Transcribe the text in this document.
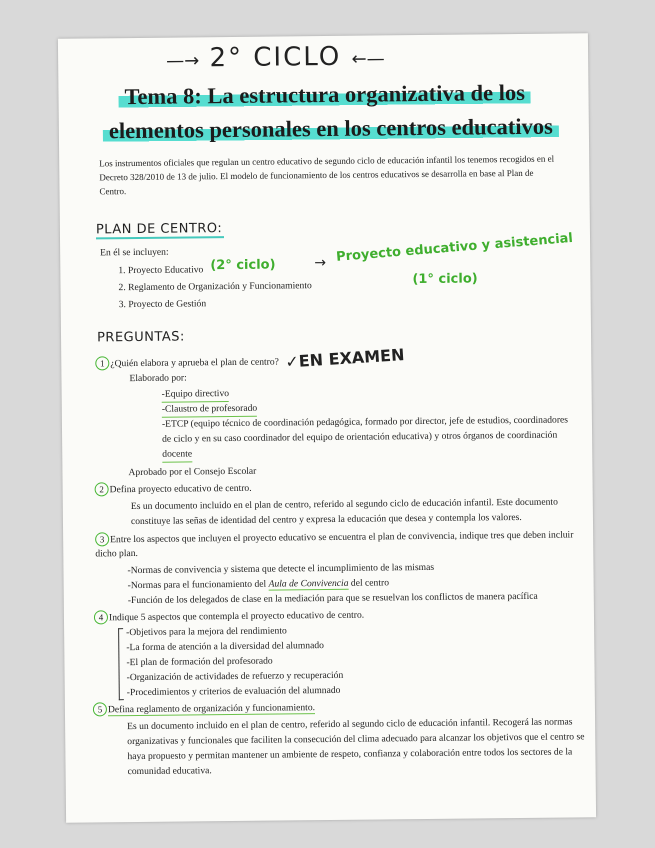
—→ 2° CICLO ←—
Tema 8: La estructura organizativa de los
elementos personales en los centros educativos
Los instrumentos oficiales que regulan un centro educativo de segundo ciclo de educación infantil los tenemos recogidos en el
Decreto 328/2010 de 13 de julio. El modelo de funcionamiento de los centros educativos se desarrolla en base al Plan de
Centro.
PLAN DE CENTRO:
En él se incluyen:
1. Proyecto Educativo
2. Reglamento de Organización y Funcionamiento
3. Proyecto de Gestión
(2° ciclo)	→ Proyecto educativo y asistencial
(1° ciclo)
PREGUNTAS:
1 ¿Quién elabora y aprueba el plan de centro? ✓EN EXAMEN
Elaborado por:
-Equipo directivo
-Claustro de profesorado
-ETCP (equipo técnico de coordinación pedagógica, formado por director, jefe de estudios, coordinadores
de ciclo y en su caso coordinador del equipo de orientación educativa) y otros órganos de coordinación
docente
Aprobado por el Consejo Escolar
2 Defina proyecto educativo de centro.
Es un documento incluido en el plan de centro, referido al segundo ciclo de educación infantil. Este documento
constituye las señas de identidad del centro y expresa la educación que desea y contempla los valores.
3 Entre los aspectos que incluyen el proyecto educativo se encuentra el plan de convivencia, indique tres que deben incluir
dicho plan.
-Normas de convivencia y sistema que detecte el incumplimiento de las mismas
-Normas para el funcionamiento del Aula de Convivencia del centro
-Función de los delegados de clase en la mediación para que se resuelvan los conflictos de manera pacífica
4 Indique 5 aspectos que contempla el proyecto educativo de centro.
-Objetivos para la mejora del rendimiento
-La forma de atención a la diversidad del alumnado
-El plan de formación del profesorado
-Organización de actividades de refuerzo y recuperación
-Procedimientos y criterios de evaluación del alumnado
5 Defina reglamento de organización y funcionamiento.
Es un documento incluido en el plan de centro, referido al segundo ciclo de educación infantil. Recogerá las normas
organizativas y funcionales que faciliten la consecución del clima adecuado para alcanzar los objetivos que el centro se
haya propuesto y permitan mantener un ambiente de respeto, confianza y colaboración entre todos los sectores de la
comunidad educativa.
